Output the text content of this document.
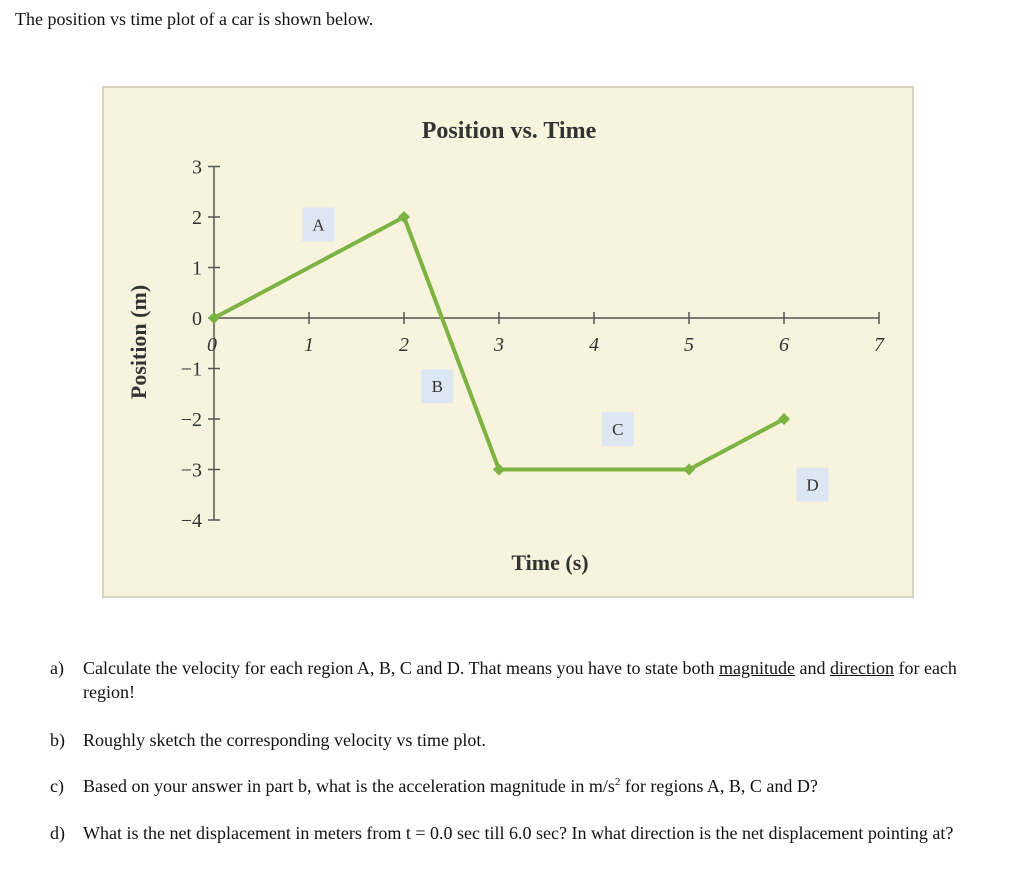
The position vs time plot of a car is shown below.
Position vs. Time
Time (s)
Position (m)
3
2
1
0
−1
−2
−3
−4
0	1	2	3	4	5	6	7
A
B
C
D
a) Calculate the velocity for each region A, B, C and D. That means you have to state both magnitude and direction for each region!
b) Roughly sketch the corresponding velocity vs time plot.
c) Based on your answer in part b, what is the acceleration magnitude in $m/s^2$ for regions A, B, C and D?
d) What is the net displacement in meters from t = 0.0 sec till 6.0 sec? In what direction is the net displacement pointing at?
